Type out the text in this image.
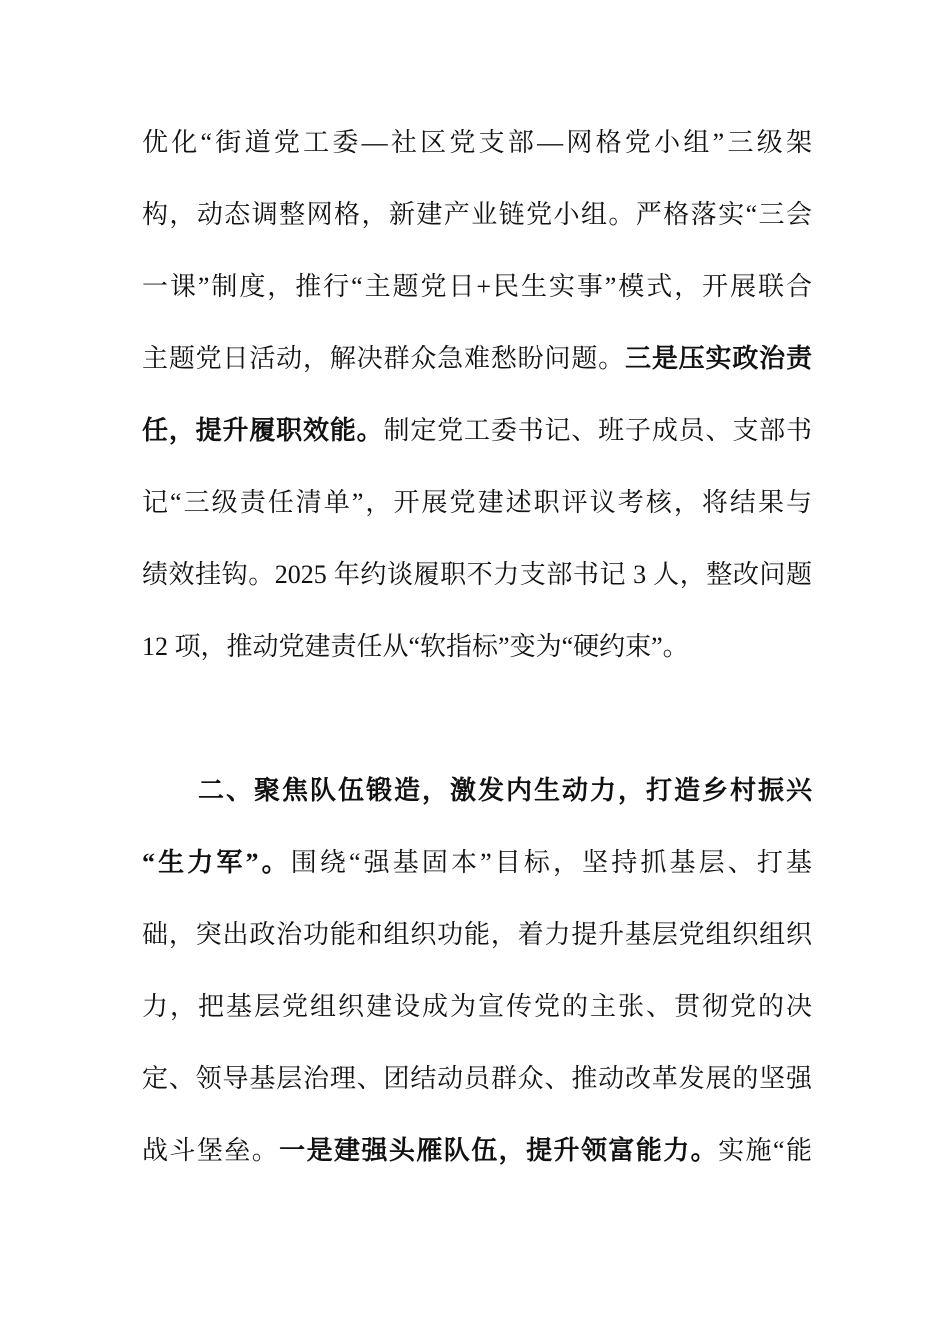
优化“街道党工委—社区党支部—网格党小组”三级架
构，动态调整网格，新建产业链党小组。严格落实“三会
一课”制度，推行“主题党日+民生实事”模式，开展联合
主题党日活动，解决群众急难愁盼问题。三是压实政治责
任，提升履职效能。制定党工委书记、班子成员、支部书
记“三级责任清单”，开展党建述职评议考核，将结果与
绩效挂钩。2025 年约谈履职不力支部书记 3 人，整改问题
12 项，推动党建责任从“软指标”变为“硬约束”。
二、聚焦队伍锻造，激发内生动力，打造乡村振兴
“生力军”。围绕“强基固本”目标，坚持抓基层、打基
础，突出政治功能和组织功能，着力提升基层党组织组织
力，把基层党组织建设成为宣传党的主张、贯彻党的决
定、领导基层治理、团结动员群众、推动改革发展的坚强
战斗堡垒。一是建强头雁队伍，提升领富能力。实施“能
